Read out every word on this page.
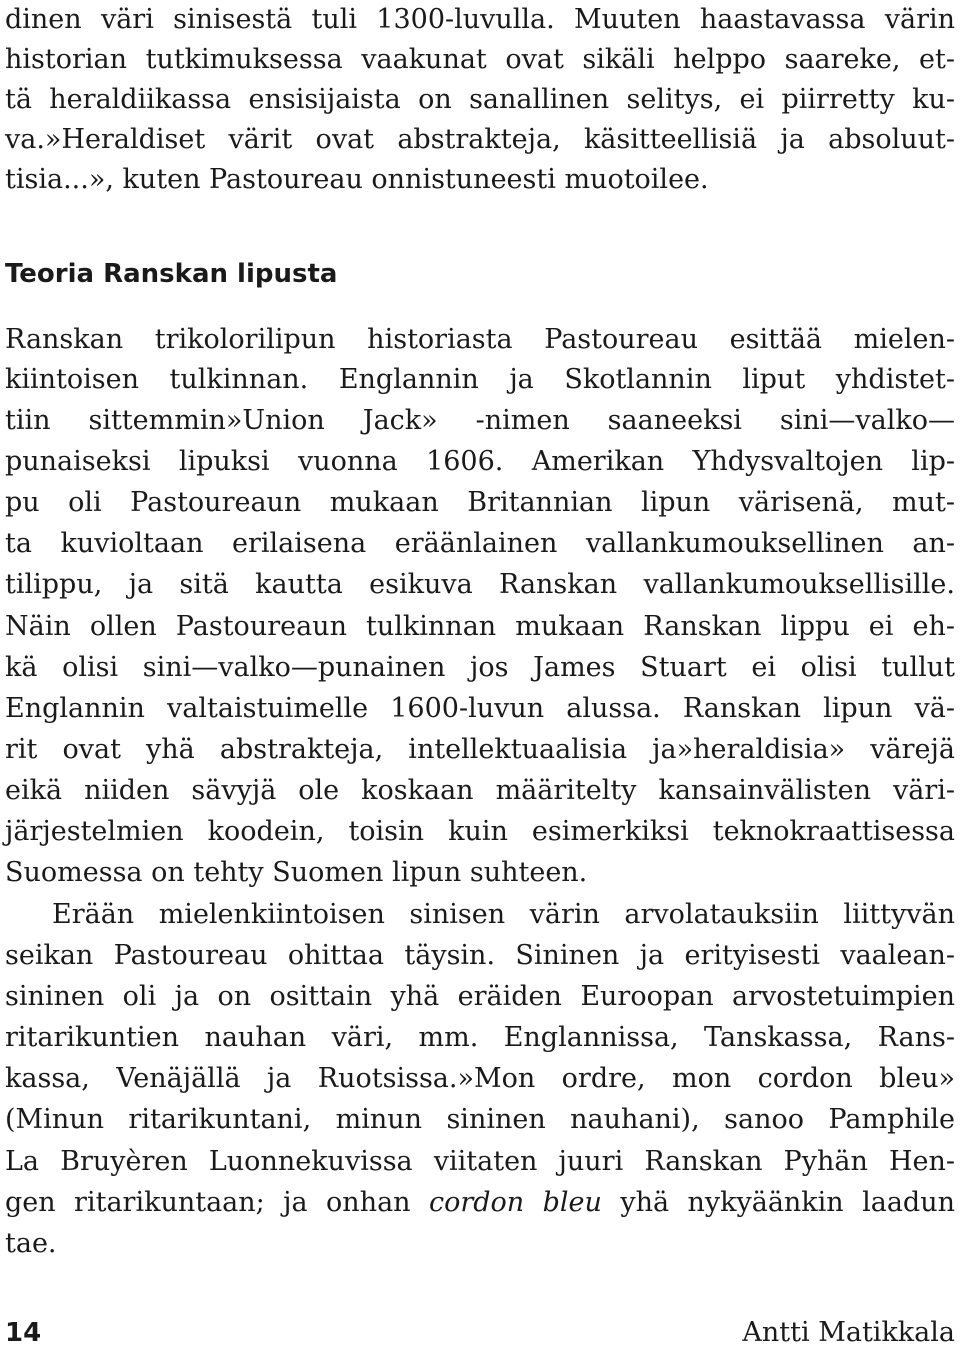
dinen väri sinisestä tuli 1300-luvulla. Muuten haastavassa värin
historian tutkimuksessa vaakunat ovat sikäli helppo saareke, et-
tä heraldiikassa ensisijaista on sanallinen selitys, ei piirretty ku-
va.»Heraldiset värit ovat abstrakteja, käsitteellisiä ja absoluut-
tisia...», kuten Pastoureau onnistuneesti muotoilee.
Teoria Ranskan lipusta
Ranskan trikolorilipun historiasta Pastoureau esittää mielen-
kiintoisen tulkinnan. Englannin ja Skotlannin liput yhdistet-
tiin sittemmin»Union Jack» -nimen saaneeksi sini—valko—
punaiseksi lipuksi vuonna 1606. Amerikan Yhdysvaltojen lip-
pu oli Pastoureaun mukaan Britannian lipun värisenä, mut-
ta kuvioltaan erilaisena eräänlainen vallankumouksellinen an-
tilippu, ja sitä kautta esikuva Ranskan vallankumouksellisille.
Näin ollen Pastoureaun tulkinnan mukaan Ranskan lippu ei eh-
kä olisi sini—valko—punainen jos James Stuart ei olisi tullut
Englannin valtaistuimelle 1600-luvun alussa. Ranskan lipun vä-
rit ovat yhä abstrakteja, intellektuaalisia ja»heraldisia» värejä
eikä niiden sävyjä ole koskaan määritelty kansainvälisten väri-
järjestelmien koodein, toisin kuin esimerkiksi teknokraattisessa
Suomessa on tehty Suomen lipun suhteen.
Erään mielenkiintoisen sinisen värin arvolatauksiin liittyvän
seikan Pastoureau ohittaa täysin. Sininen ja erityisesti vaalean-
sininen oli ja on osittain yhä eräiden Euroopan arvostetuimpien
ritarikuntien nauhan väri, mm. Englannissa, Tanskassa, Rans-
kassa, Venäjällä ja Ruotsissa.»Mon ordre, mon cordon bleu»
(Minun ritarikuntani, minun sininen nauhani), sanoo Pamphile
La Bruyèren Luonnekuvissa viitaten juuri Ranskan Pyhän Hen-
gen ritarikuntaan; ja onhan cordon bleu yhä nykyäänkin laadun
tae.
14	Antti Matikkala
